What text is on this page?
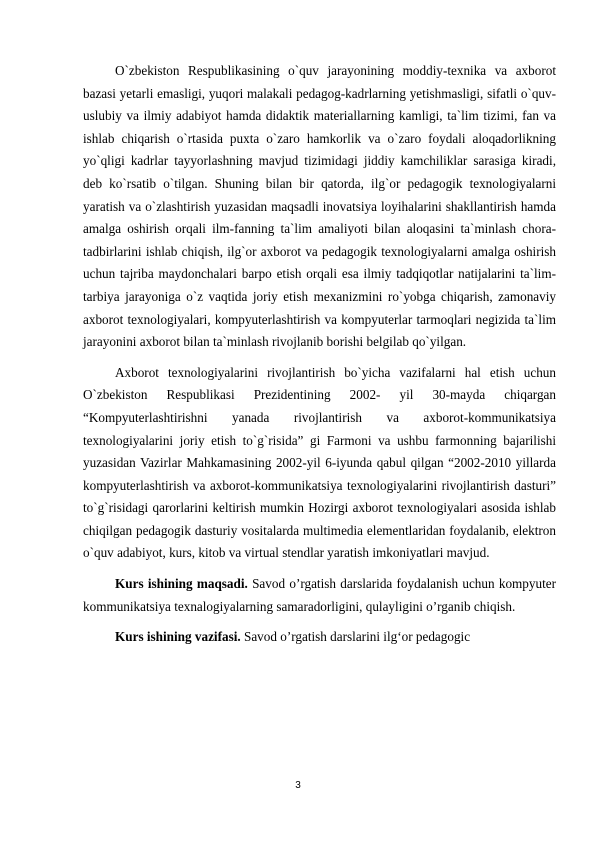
O`zbekiston Respublikasining o`quv jarayonining moddiy-texnika va axborot bazasi yetarli emasligi, yuqori malakali pedagog-kadrlarning yetishmasligi, sifatli o`quv-uslubiy va ilmiy adabiyot hamda didaktik materiallarning kamligi, ta`lim tizimi, fan va ishlab chiqarish o`rtasida puxta o`zaro hamkorlik va o`zaro foydali aloqadorlikning yo`qligi kadrlar tayyorlashning mavjud tizimidagi jiddiy kamchiliklar sarasiga kiradi, deb ko`rsatib o`tilgan. Shuning bilan bir qatorda, ilg`or pedagogik texnologiyalarni yaratish va o`zlashtirish yuzasidan maqsadli inovatsiya loyihalarini shakllantirish hamda amalga oshirish orqali ilm-fanning ta`lim amaliyoti bilan aloqasini ta`minlash chora-tadbirlarini ishlab chiqish, ilg`or axborot va pedagogik texnologiyalarni amalga oshirish uchun tajriba maydonchalari barpo etish orqali esa ilmiy tadqiqotlar natijalarini ta`lim-tarbiya jarayoniga o`z vaqtida joriy etish mexanizmini ro`yobga chiqarish, zamonaviy axborot texnologiyalari, kompyuterlashtirish va kompyuterlar tarmoqlari negizida ta`lim jarayonini axborot bilan ta`minlash rivojlanib borishi belgilab qo`yilgan.

Axborot texnologiyalarini rivojlantirish bo`yicha vazifalarni hal etish uchun O`zbekiston Respublikasi Prezidentining 2002- yil 30-mayda chiqargan “Kompyuterlashtirishni yanada rivojlantirish va axborot-kommunikatsiya texnologiyalarini joriy etish to`g`risida” gi Farmoni va ushbu farmonning bajarilishi yuzasidan Vazirlar Mahkamasining 2002-yil 6-iyunda qabul qilgan “2002-2010 yillarda kompyuterlashtirish va axborot-kommunikatsiya texnologiyalarini rivojlantirish dasturi” to`g`risidagi qarorlarini keltirish mumkin Hozirgi axborot texnologiyalari asosida ishlab chiqilgan pedagogik dasturiy vositalarda multimedia elementlaridan foydalanib, elektron o`quv adabiyot, kurs, kitob va virtual stendlar yaratish imkoniyatlari mavjud.

Kurs ishining maqsadi. Savod o’rgatish darslarida foydalanish uchun kompyuter kommunikatsiya texnalogiyalarning samaradorligini, qulayligini o’rganib chiqish.

Kurs ishining vazifasi. Savod o’rgatish darslarini ilg‘or pedagogic

3
